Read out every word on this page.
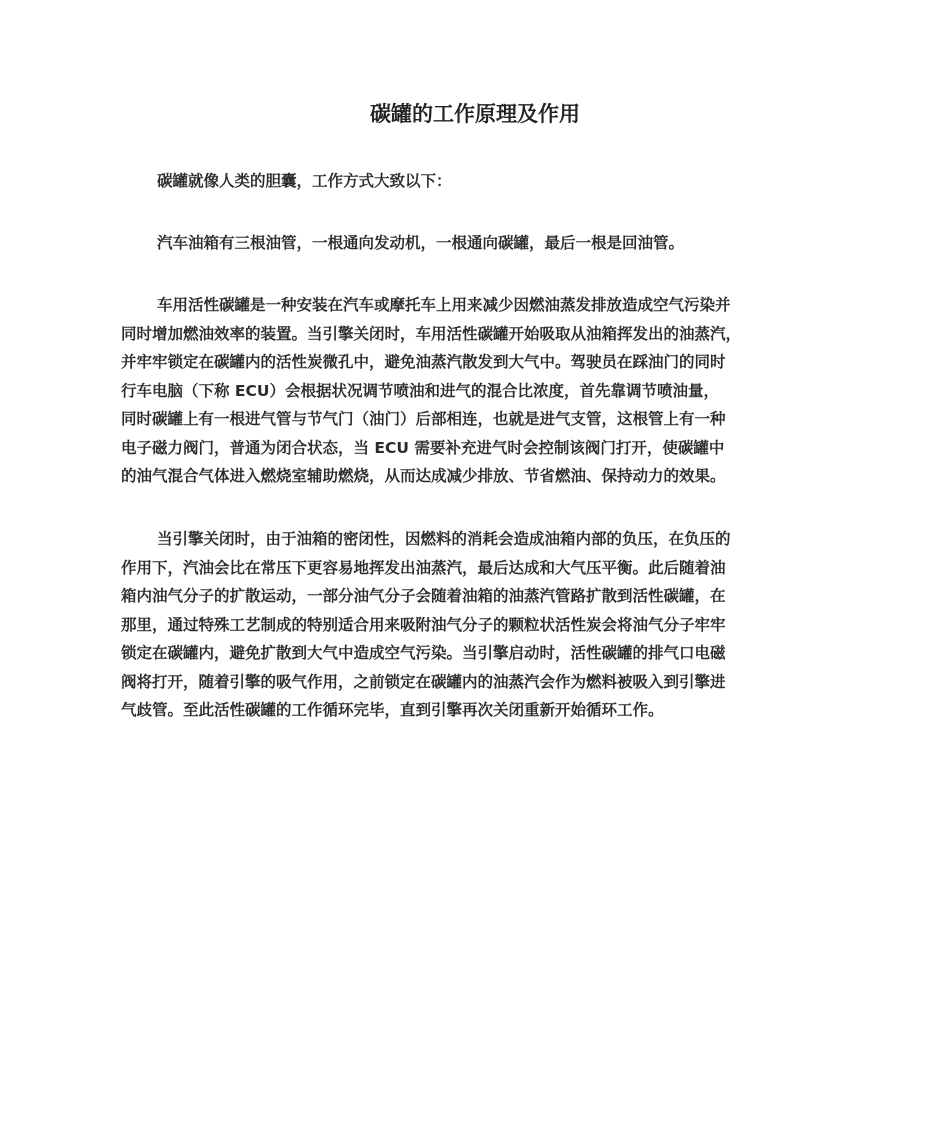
碳罐的工作原理及作用
碳罐就像人类的胆囊，工作方式大致以下：
汽车油箱有三根油管，一根通向发动机，一根通向碳罐，最后一根是回油管。
车用活性碳罐是一种安装在汽车或摩托车上用来减少因燃油蒸发排放造成空气污染并
同时增加燃油效率的装置。当引擎关闭时，车用活性碳罐开始吸取从油箱挥发出的油蒸汽，
并牢牢锁定在碳罐内的活性炭微孔中，避免油蒸汽散发到大气中。驾驶员在踩油门的同时
行车电脑（下称 ECU）会根据状况调节喷油和进气的混合比浓度，首先靠调节喷油量，
同时碳罐上有一根进气管与节气门（油门）后部相连，也就是进气支管，这根管上有一种
电子磁力阀门，普通为闭合状态，当 ECU 需要补充进气时会控制该阀门打开，使碳罐中
的油气混合气体进入燃烧室辅助燃烧，从而达成减少排放、节省燃油、保持动力的效果。
当引擎关闭时，由于油箱的密闭性，因燃料的消耗会造成油箱内部的负压，在负压的
作用下，汽油会比在常压下更容易地挥发出油蒸汽，最后达成和大气压平衡。此后随着油
箱内油气分子的扩散运动，一部分油气分子会随着油箱的油蒸汽管路扩散到活性碳罐，在
那里，通过特殊工艺制成的特别适合用来吸附油气分子的颗粒状活性炭会将油气分子牢牢
锁定在碳罐内，避免扩散到大气中造成空气污染。当引擎启动时，活性碳罐的排气口电磁
阀将打开，随着引擎的吸气作用，之前锁定在碳罐内的油蒸汽会作为燃料被吸入到引擎进
气歧管。至此活性碳罐的工作循环完毕，直到引擎再次关闭重新开始循环工作。
